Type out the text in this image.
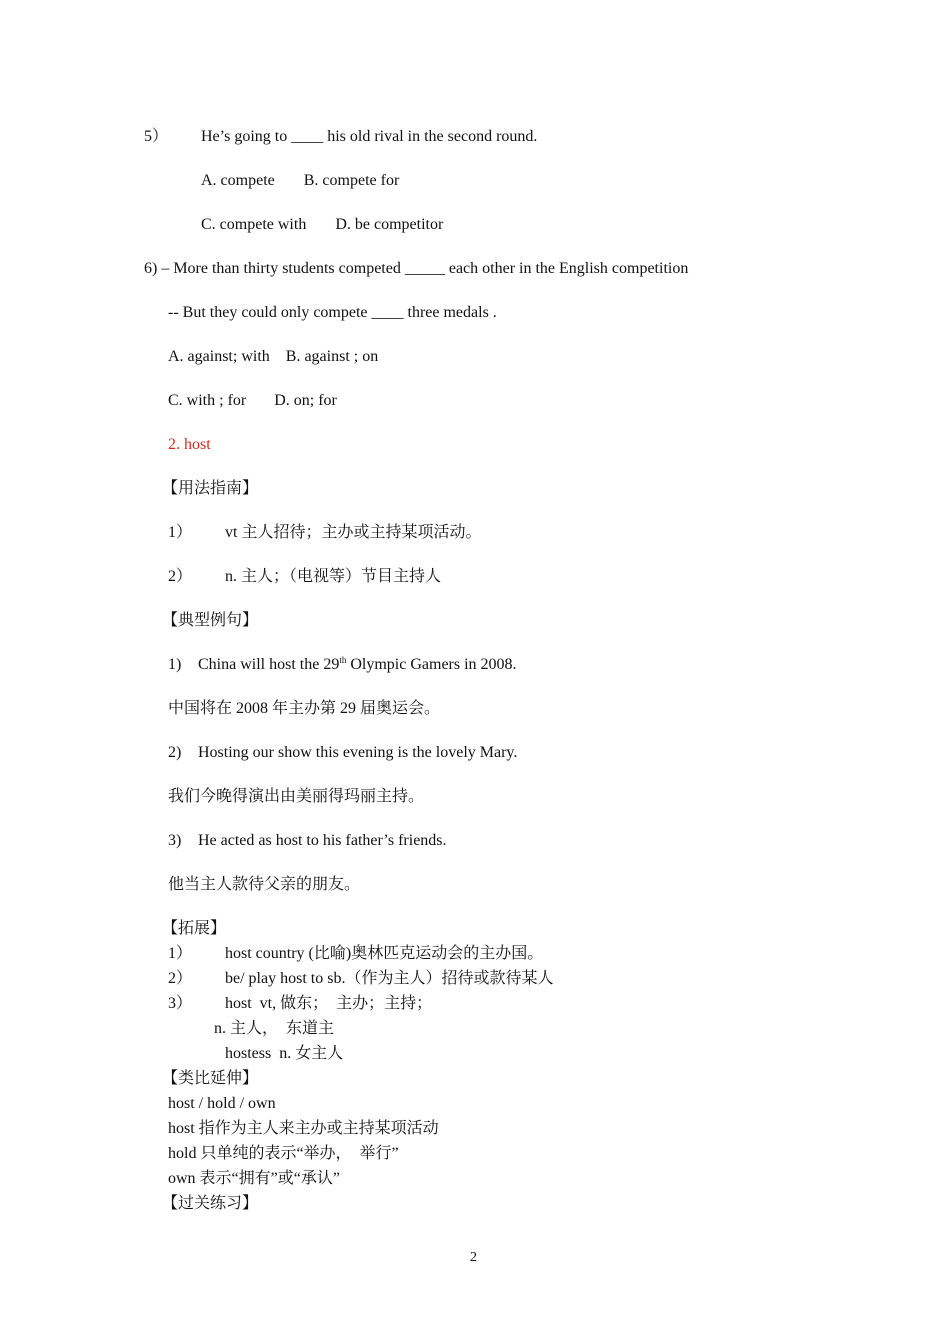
5） He’s going to ____ his old rival in the second round.
A. compete B. compete for
C. compete with D. be competitor
6) – More than thirty students competed _____ each other in the English competition
-- But they could only compete ____ three medals .
A. against; with    B. against ; on
C. with ; for       D. on; for
2. host
【用法指南】
1） vt 主人招待；主办或主持某项活动。
2） n. 主人；（电视等）节目主持人
【典型例句】
1) China will host the 29th Olympic Gamers in 2008.
中国将在 2008 年主办第 29 届奥运会。
2) Hosting our show this evening is the lovely Mary.
我们今晚得演出由美丽得玛丽主持。
3) He acted as host to his father’s friends.
他当主人款待父亲的朋友。
【拓展】
1） host country (比喻)奥林匹克运动会的主办国。
2） be/ play host to sb.（作为主人）招待或款待某人
3） host  vt, 做东；  主办；主持；
n. 主人，  东道主
hostess  n. 女主人
【类比延伸】
host / hold / own
host 指作为主人来主办或主持某项活动
hold 只单纯的表示“举办，  举行”
own 表示“拥有”或“承认”
【过关练习】
2
